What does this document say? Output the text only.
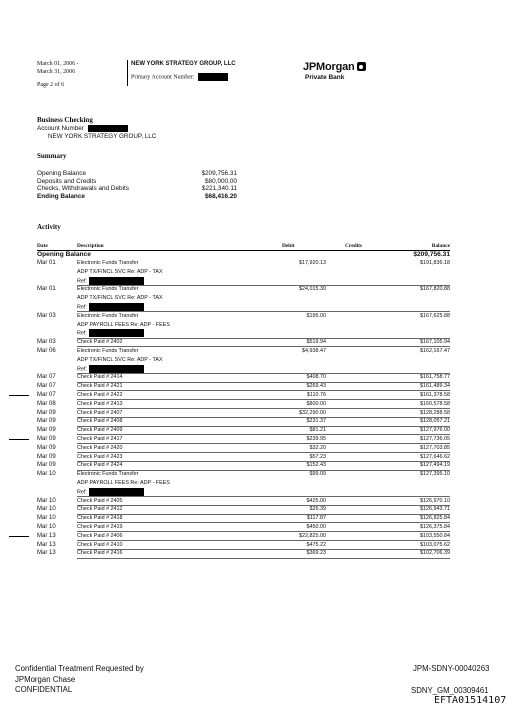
March 01, 2006 -
March 31, 2006
Page 2 of 6
NEW YORK STRATEGY GROUP, LLC
Primary Account Number:
JPMorgan
Private Bank
Business Checking
Account Number
NEW YORK STRATEGY GROUP, LLC
Summary
Opening Balance	$209,756.31
Deposits and Credits	$80,000.00
Checks, Withdrawals and Debits	$221,340.11
Ending Balance	$68,416.20
Activity
Date	Description	Debit	Credits	Balance
Opening Balance	$209,756.31
Mar 01	Electronic Funds Transfer	$17,920.13	$191,836.18
ADP TX/FINCL SVC Re: ADP - TAX
Ref:
Mar 01	Electronic Funds Transfer	$24,015.30	$167,820.88
ADP TX/FINCL SVC Re: ADP - TAX
Ref:
Mar 03	Electronic Funds Transfer	$195.00	$167,625.88
ADP PAYROLL FEES Re: ADP - FEES
Ref:
Mar 03	Check Paid # 2402	$519.94	$167,105.94
Mar 06	Electronic Funds Transfer	$4,938.47	$162,167.47
ADP TX/FINCL SVC Re: ADP - TAX
Ref:
Mar 07	Check Paid # 2414	$408.70	$161,758.77
Mar 07	Check Paid # 2421	$269.43	$161,489.34
Mar 07	Check Paid # 2422	$110.76	$161,378.58
Mar 08	Check Paid # 2413	$800.00	$160,578.58
Mar 09	Check Paid # 2407	$32,290.00	$128,288.58
Mar 09	Check Paid # 2408	$231.37	$128,057.21
Mar 09	Check Paid # 2409	$81.21	$127,976.00
Mar 09	Check Paid # 2417	$239.95	$127,736.05
Mar 09	Check Paid # 2420	$32.20	$127,703.85
Mar 09	Check Paid # 2423	$57.23	$127,646.62
Mar 09	Check Paid # 2424	$152.43	$127,494.19
Mar 10	Electronic Funds Transfer	$99.09	$127,395.10
ADP PAYROLL FEES Re: ADP - FEES
Ref:
Mar 10	Check Paid # 2405	$425.00	$126,970.10
Mar 10	Check Paid # 2412	$26.39	$126,943.71
Mar 10	Check Paid # 2418	$117.87	$126,825.84
Mar 10	Check Paid # 2419	$450.00	$126,375.84
Mar 13	Check Paid # 2406	$22,825.00	$103,550.84
Mar 13	Check Paid # 2410	$475.22	$103,075.62
Mar 13	Check Paid # 2416	$369.23	$102,706.39
Confidential Treatment Requested by
JPMorgan Chase
CONFIDENTIAL
JPM-SDNY-00040263
SDNY_GM_00309461
EFTA01514107
